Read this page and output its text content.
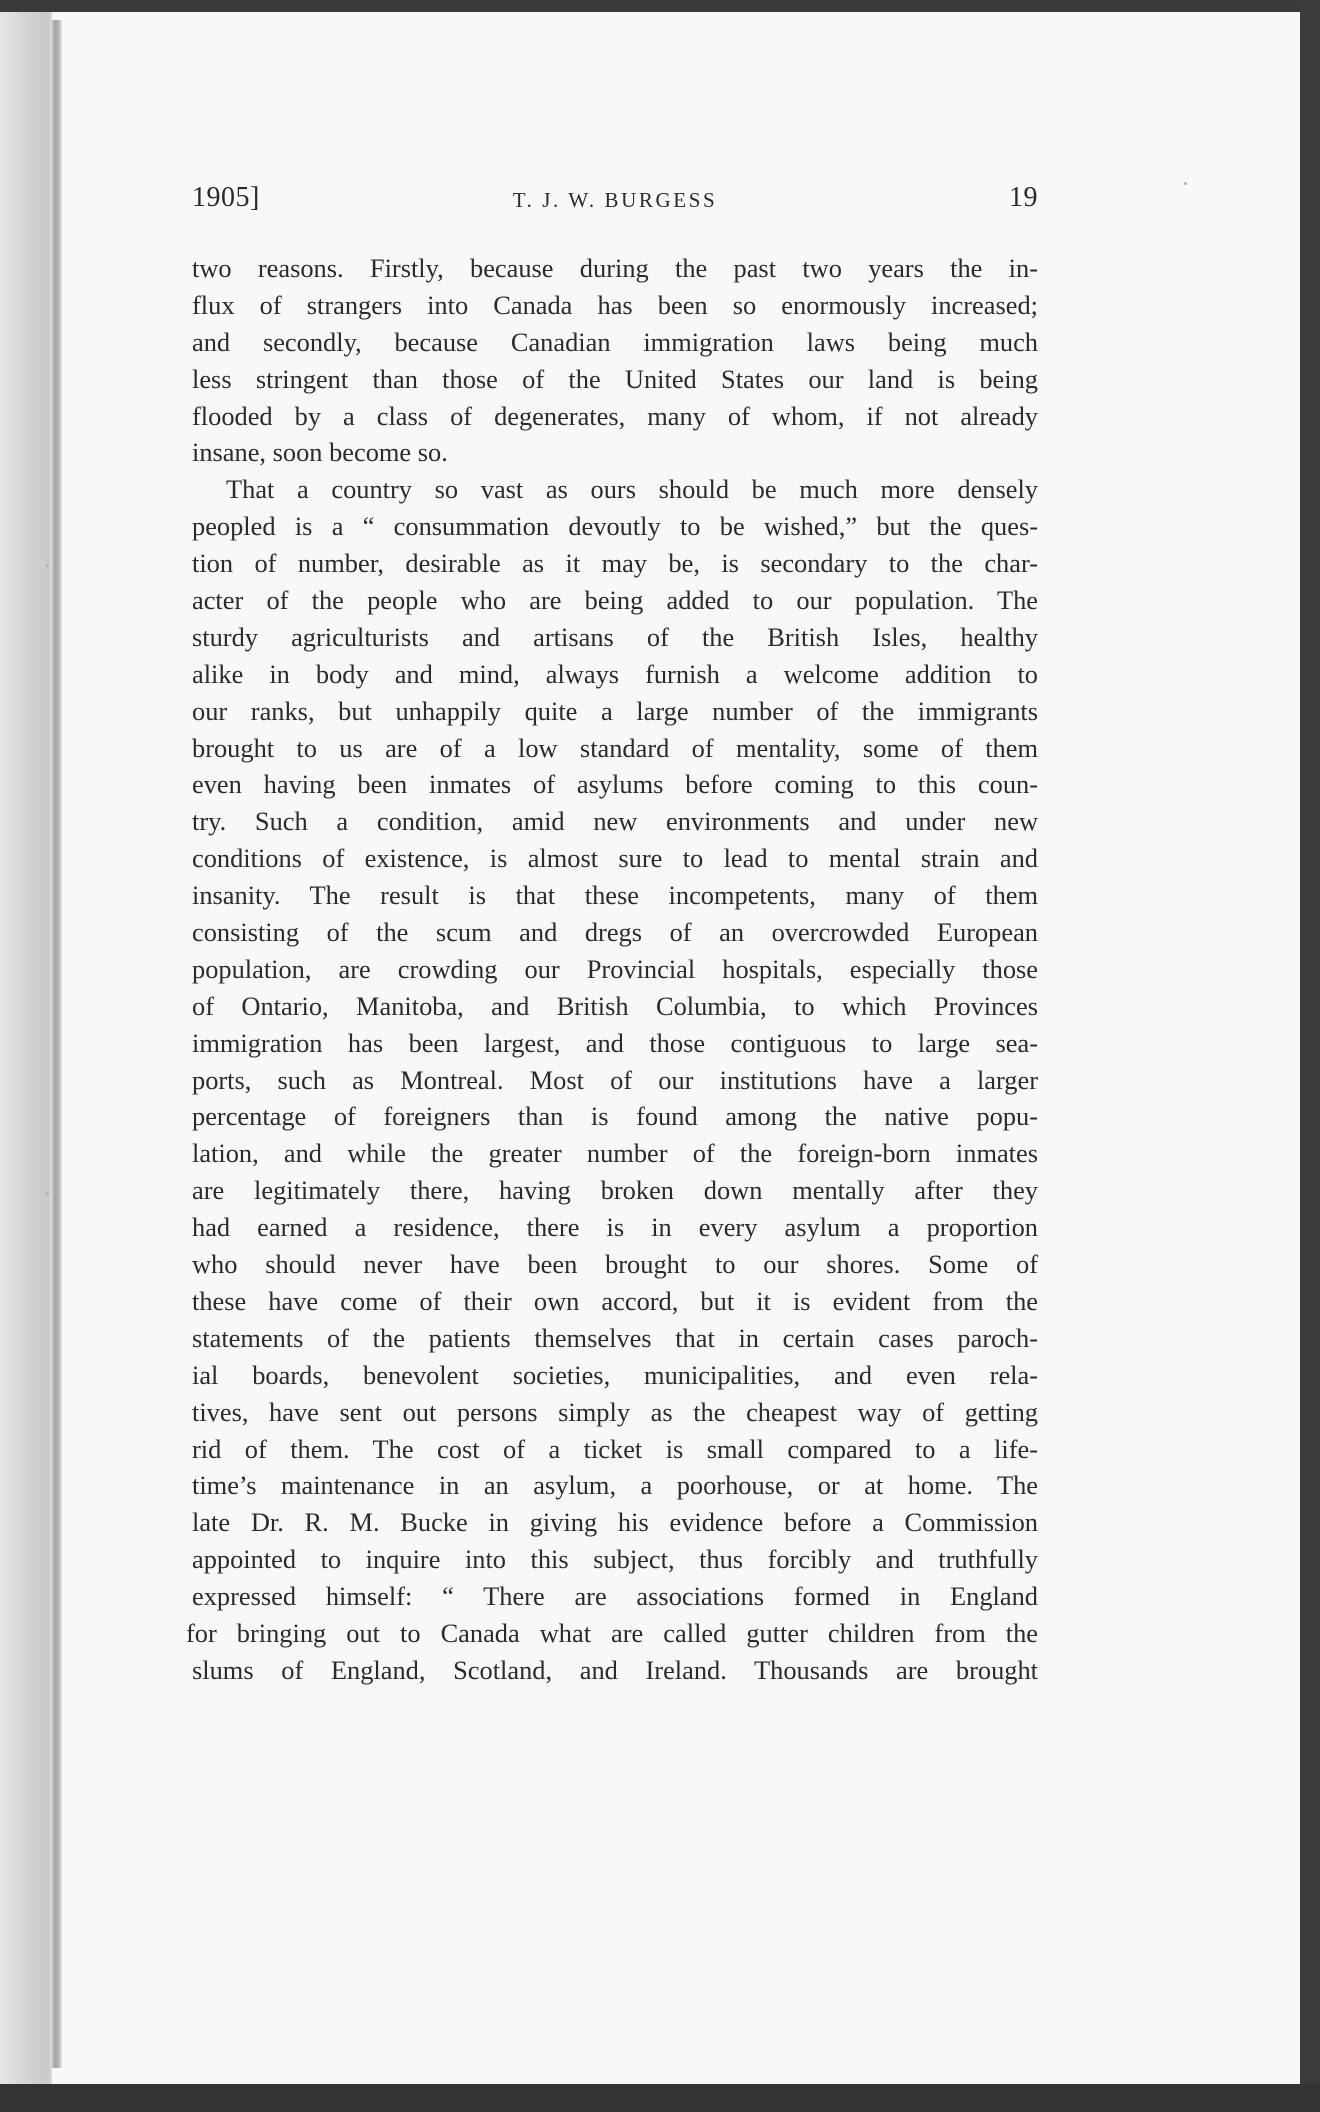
1905]	T. J. W. BURGESS	19
two reasons. Firstly, because during the past two years the in-
flux of strangers into Canada has been so enormously increased;
and secondly, because Canadian immigration laws being much
less stringent than those of the United States our land is being
flooded by a class of degenerates, many of whom, if not already
insane, soon become so.
That a country so vast as ours should be much more densely
peopled is a “ consummation devoutly to be wished,” but the ques-
tion of number, desirable as it may be, is secondary to the char-
acter of the people who are being added to our population. The
sturdy agriculturists and artisans of the British Isles, healthy
alike in body and mind, always furnish a welcome addition to
our ranks, but unhappily quite a large number of the immigrants
brought to us are of a low standard of mentality, some of them
even having been inmates of asylums before coming to this coun-
try. Such a condition, amid new environments and under new
conditions of existence, is almost sure to lead to mental strain and
insanity. The result is that these incompetents, many of them
consisting of the scum and dregs of an overcrowded European
population, are crowding our Provincial hospitals, especially those
of Ontario, Manitoba, and British Columbia, to which Provinces
immigration has been largest, and those contiguous to large sea-
ports, such as Montreal. Most of our institutions have a larger
percentage of foreigners than is found among the native popu-
lation, and while the greater number of the foreign-born inmates
are legitimately there, having broken down mentally after they
had earned a residence, there is in every asylum a proportion
who should never have been brought to our shores. Some of
these have come of their own accord, but it is evident from the
statements of the patients themselves that in certain cases paroch-
ial boards, benevolent societies, municipalities, and even rela-
tives, have sent out persons simply as the cheapest way of getting
rid of them. The cost of a ticket is small compared to a life-
time’s maintenance in an asylum, a poorhouse, or at home. The
late Dr. R. M. Bucke in giving his evidence before a Commission
appointed to inquire into this subject, thus forcibly and truthfully
expressed himself: “ There are associations formed in England
for bringing out to Canada what are called gutter children from the
slums of England, Scotland, and Ireland. Thousands are brought
